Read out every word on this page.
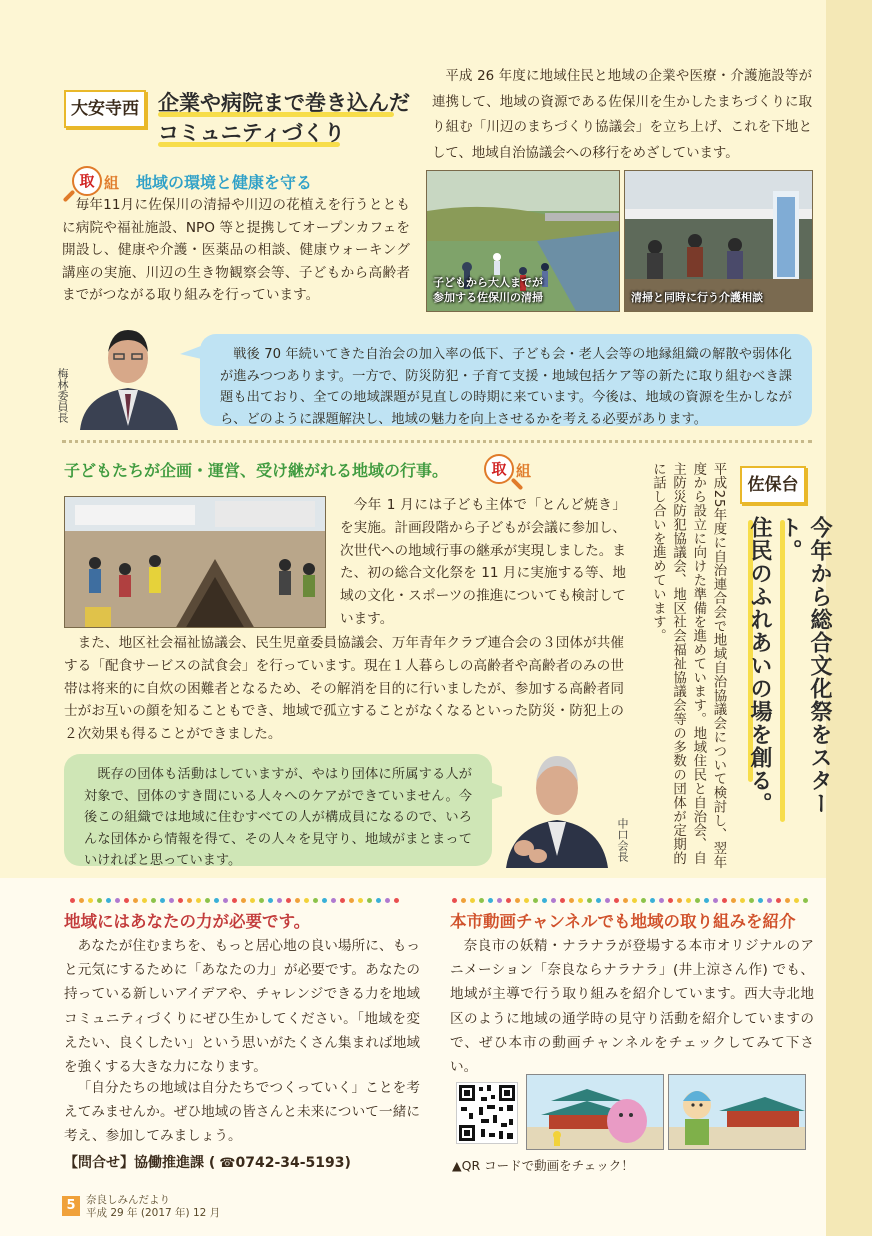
大安寺西 企業や病院まで巻き込んだ
コミュニティづくり
平成 26 年度に地域住民と地域の企業や医療・介護施設等が連携して、地域の資源である佐保川を生かしたまちづくりに取り組む「川辺のまちづくり協議会」を立ち上げ、これを下地として、地域自治協議会への移行をめざしています。
取 組 地域の環境と健康を守る
毎年11月に佐保川の清掃や川辺の花植えを行うとともに病院や福祉施設、NPO 等と提携してオープンカフェを開設し、健康や介護・医薬品の相談、健康ウォーキング講座の実施、川辺の生き物観察会等、子どもから高齢者までがつながる取り組みを行っています。
子どもから大人までが
参加する佐保川の清掃	清掃と同時に行う介護相談
梅林委員長
戦後 70 年続いてきた自治会の加入率の低下、子ども会・老人会等の地縁組織の解散や弱体化が進みつつあります。一方で、防災防犯・子育て支援・地域包括ケア等の新たに取り組むべき課題も出ており、全ての地域課題が見直しの時期に来ています。今後は、地域の資源を生かしながら、どのように課題解決し、地域の魅力を向上させるかを考える必要があります。
子どもたちが企画・運営、受け継がれる地域の行事。	取 組
今年 1 月には子ども主体で「とんど焼き」を実施。計画段階から子どもが会議に参加し、次世代への地域行事の継承が実現しました。また、初の総合文化祭を 11 月に実施する等、地域の文化・スポーツの推進についても検討しています。
また、地区社会福祉協議会、民生児童委員協議会、万年青年クラブ連合会の３団体が共催する「配食サービスの試食会」を行っています。現在１人暮らしの高齢者や高齢者のみの世帯は将来的に自炊の困難者となるため、その解消を目的に行いましたが、参加する高齢者同士がお互いの顔を知ることもでき、地域で孤立することがなくなるといった防災・防犯上の２次効果も得ることができました。	平成25年度に自治連合会で地域自治協議会について検討し、翌年度から設立に向けた準備を進めています。地域住民と自治会、自主防災防犯協議会、地区社会福祉協議会等の多数の団体が定期的に話し合いを進めています。	佐保台
今年から総合文化祭をスタート。
住民のふれあいの場を創る。
既存の団体も活動はしていますが、やはり団体に所属する人が対象で、団体のすき間にいる人々へのケアができていません。今後この組織では地域に住むすべての人が構成員になるので、いろんな団体から情報を得て、その人々を見守り、地域がまとまっていければと思っています。	中口会長
地域にはあなたの力が必要です。
あなたが住むまちを、もっと居心地の良い場所に、もっと元気にするために「あなたの力」が必要です。あなたの持っている新しいアイデアや、チャレンジできる力を地域コミュニティづくりにぜひ生かしてください。「地域を変えたい、良くしたい」という思いがたくさん集まれば地域を強くする大きな力になります。
「自分たちの地域は自分たちでつくっていく」ことを考えてみませんか。ぜひ地域の皆さんと未来について一緒に考え、参加してみましょう。
【問合せ】協働推進課 ( ☎0742-34-5193)
本市動画チャンネルでも地域の取り組みを紹介
奈良市の妖精・ナラナラが登場する本市オリジナルのアニメーション「奈良ならナラナラ」(井上涼さん作) でも、地域が主導で行う取り組みを紹介しています。西大寺北地区のように地域の通学時の見守り活動を紹介していますので、ぜひ本市の動画チャンネルをチェックしてみて下さい。
▲QR コードで動画をチェック！
5 奈良しみんだより
平成 29 年 (2017 年) 12 月
